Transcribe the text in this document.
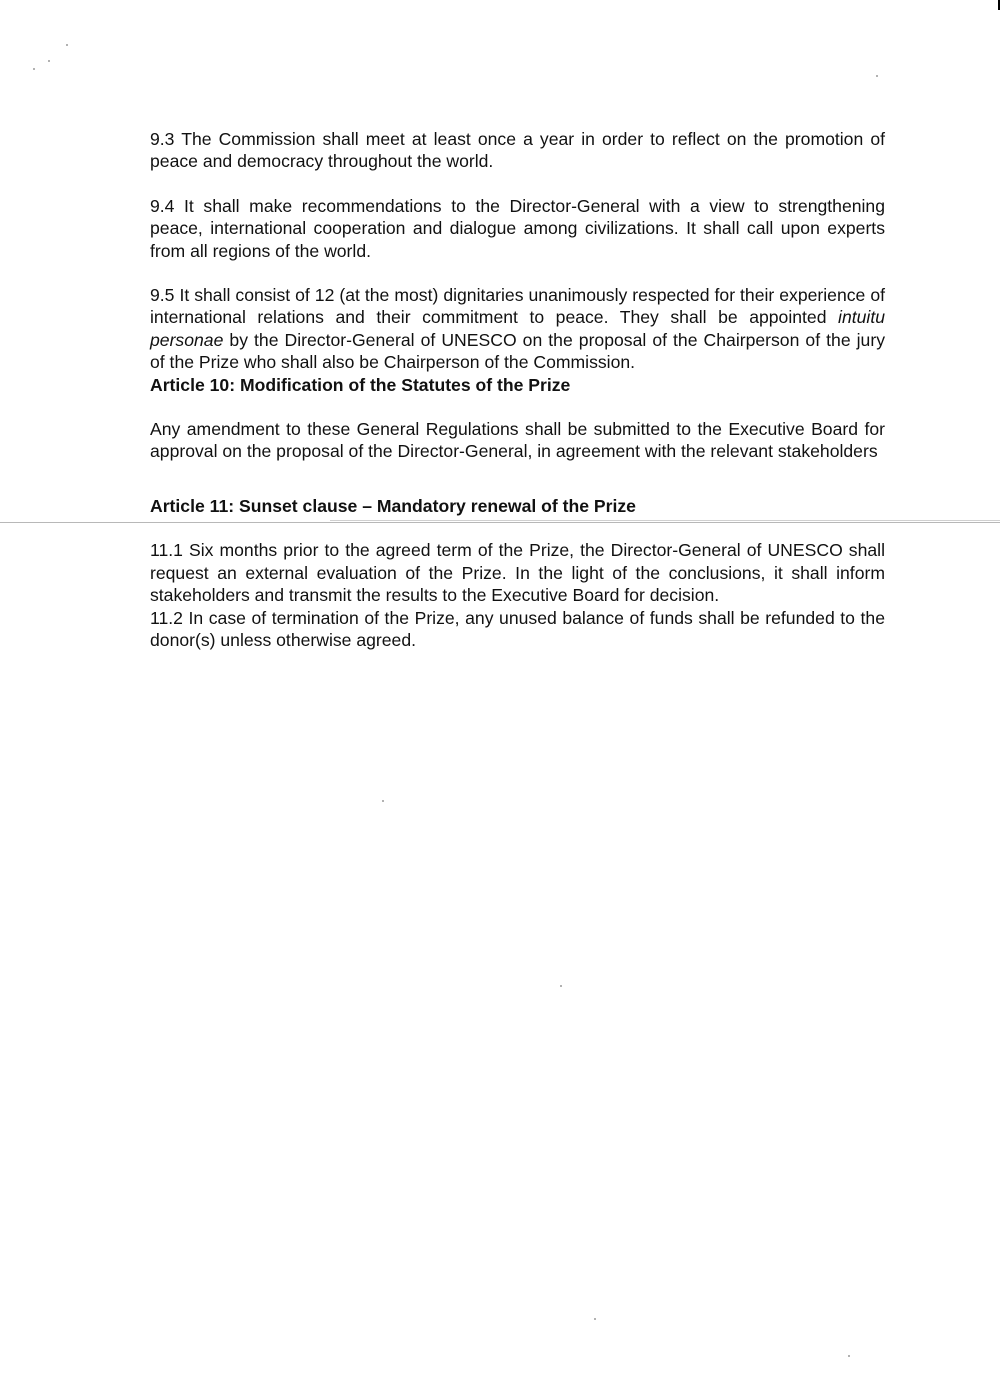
9.3 The Commission shall meet at least once a year in order to reflect on the promotion of peace and democracy throughout the world.

9.4 It shall make recommendations to the Director-General with a view to strengthening peace, international cooperation and dialogue among civilizations. It shall call upon experts from all regions of the world.

9.5 It shall consist of 12 (at the most) dignitaries unanimously respected for their experience of international relations and their commitment to peace. They shall be appointed intuitu personae by the Director-General of UNESCO on the proposal of the Chairperson of the jury of the Prize who shall also be Chairperson of the Commission.

Article 10: Modification of the Statutes of the Prize

Any amendment to these General Regulations shall be submitted to the Executive Board for approval on the proposal of the Director-General, in agreement with the relevant stakeholders

Article 11: Sunset clause – Mandatory renewal of the Prize

11.1 Six months prior to the agreed term of the Prize, the Director-General of UNESCO shall request an external evaluation of the Prize. In the light of the conclusions, it shall inform stakeholders and transmit the results to the Executive Board for decision.

11.2 In case of termination of the Prize, any unused balance of funds shall be refunded to the donor(s) unless otherwise agreed.
